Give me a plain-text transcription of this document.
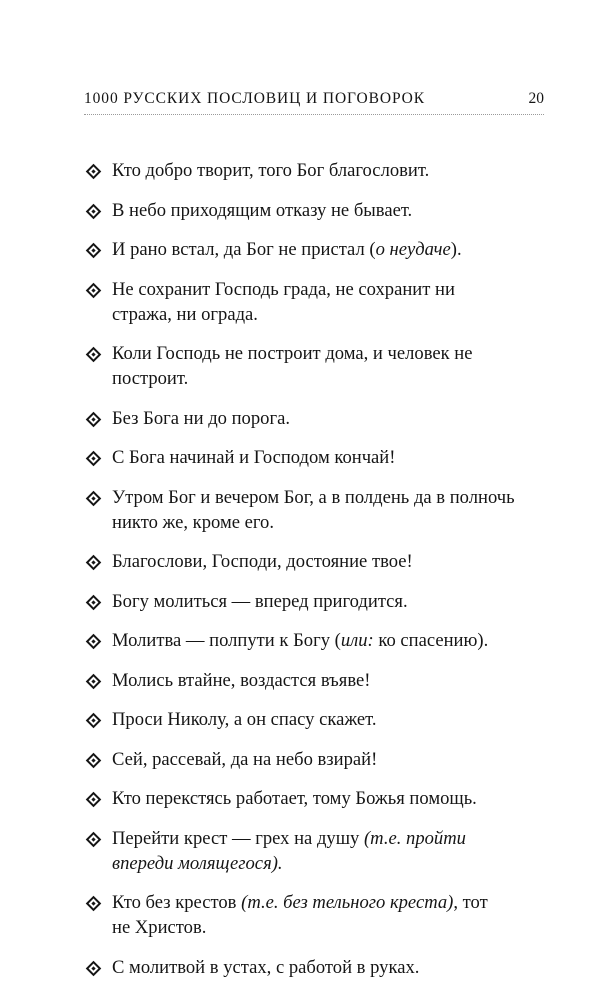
1000 РУССКИХ ПОСЛОВИЦ И ПОГОВОРОК	20
Кто добро творит, того Бог благословит.
В небо приходящим отказу не бывает.
И рано встал, да Бог не пристал (о неудаче).
Не сохранит Господь града, не сохранит ни
стража, ни ограда.
Коли Господь не построит дома, и человек не
построит.
Без Бога ни до порога.
С Бога начинай и Господом кончай!
Утром Бог и вечером Бог, а в полдень да в полночь
никто же, кроме его.
Благослови, Господи, достояние твое!
Богу молиться — вперед пригодится.
Молитва — полпути к Богу (или: ко спасению).
Молись втайне, воздастся въяве!
Проси Николу, а он спасу скажет.
Сей, рассевай, да на небо взирай!
Кто перекстясь работает, тому Божья помощь.
Перейти крест — грех на душу (т.е. пройти
впереди молящегося).
Кто без крестов (т.е. без тельного креста), тот
не Христов.
С молитвой в устах, с работой в руках.
